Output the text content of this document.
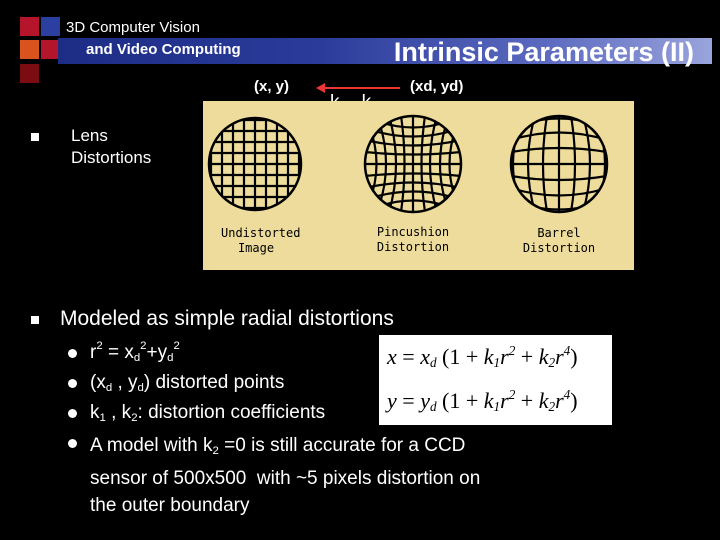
3D Computer Vision
and Video Computing	Intrinsic Parameters (II)
(x, y)	(xd, yd)
Lens
Distortions
Undistorted
Image
Pincushion
Distortion
Barrel
Distortion
Modeled as simple radial distortions
$r^2 = x_d^2+y_d^2$
($x_d$ , $y_d$) distorted points
$k_1$ , $k_2$: distortion coefficients
A model with $k_2 =0$ is still accurate for a CCD sensor of 500x500  with ~5 pixels distortion on the outer boundary
$x = x_d$ $(1 + k_1r^2 + k_2r^4)$
$y = y_d$ $(1 + k_1r^2 + k_2r^4)$
